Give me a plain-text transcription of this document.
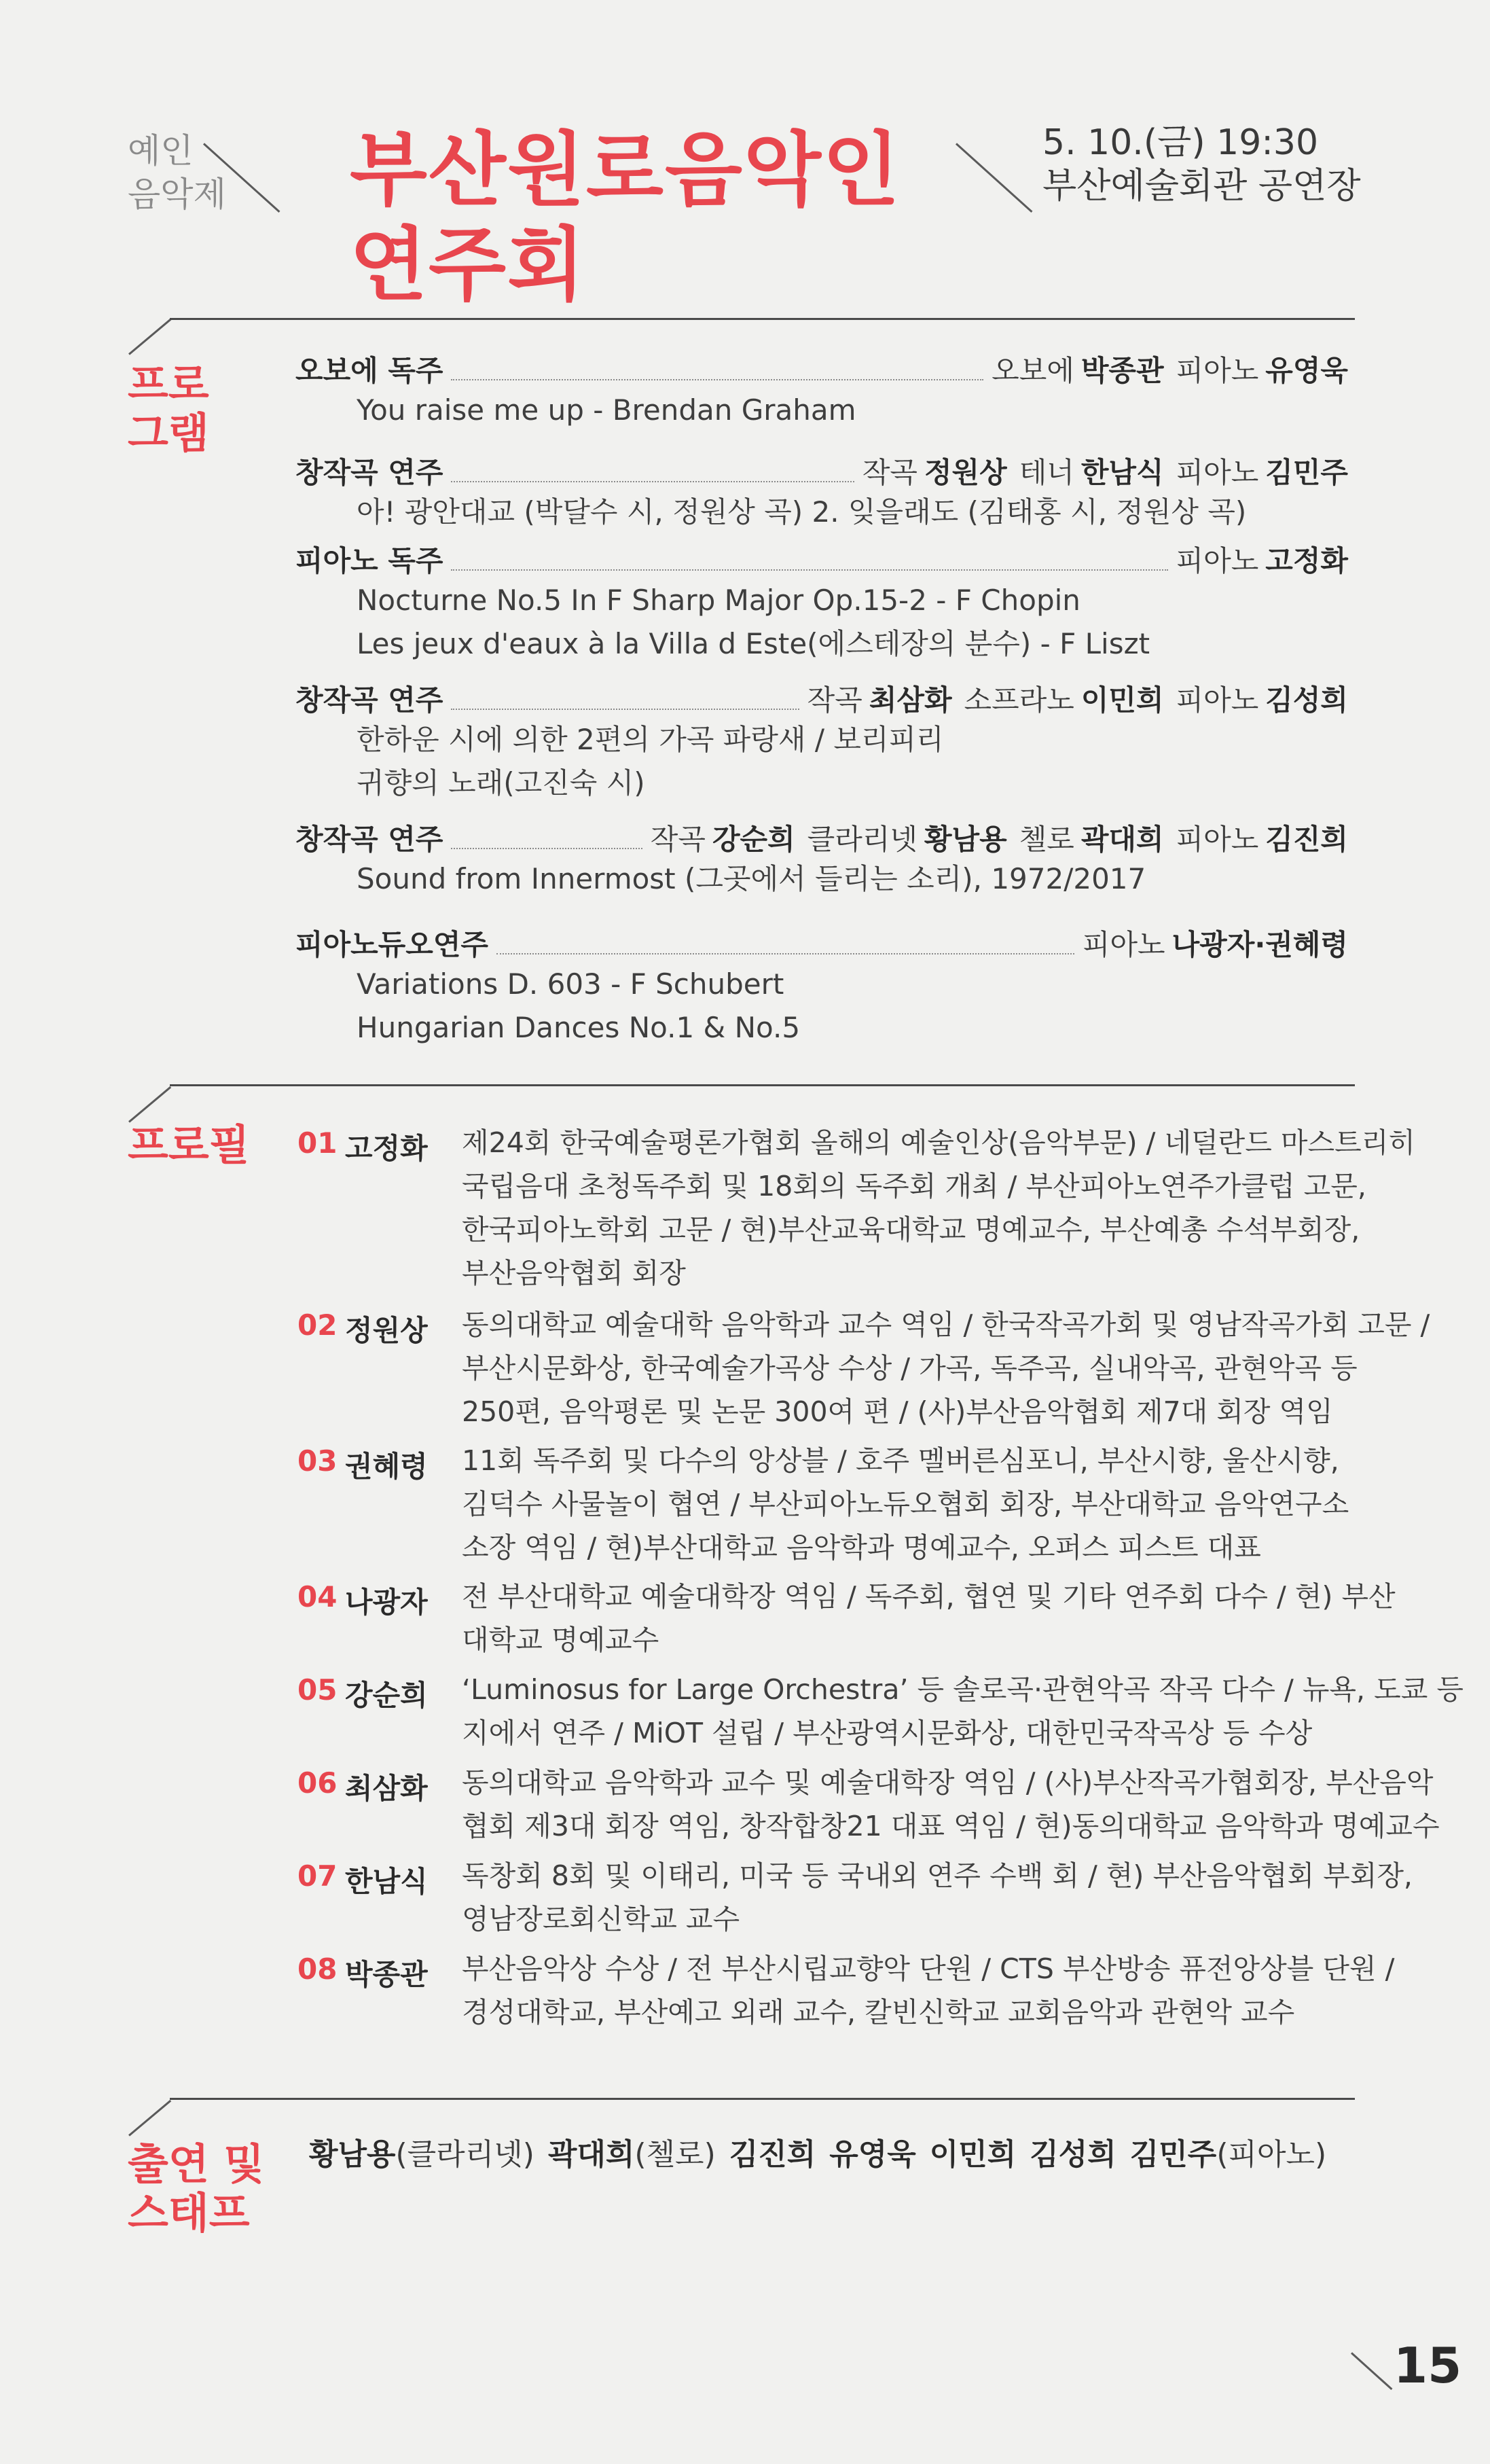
예인
음악제 부산원로음악인
연주회
5. 10.(금) 19:30
부산예술회관 공연장
프로
그램
오보에 독주	오보에 박종관 피아노 유영욱
You raise me up - Brendan Graham
창작곡 연주	작곡 정원상 테너 한남식 피아노 김민주
아! 광안대교 (박달수 시, 정원상 곡) 2. 잊을래도 (김태홍 시, 정원상 곡)
피아노 독주	피아노 고정화
Nocturne No.5 In F Sharp Major Op.15-2 - F Chopin
Les jeux d'eaux à la Villa d Este(에스테장의 분수) - F Liszt
창작곡 연주	작곡 최삼화 소프라노 이민희 피아노 김성희
한하운 시에 의한 2편의 가곡 파랑새 / 보리피리
귀향의 노래(고진숙 시)
창작곡 연주	작곡 강순희 클라리넷 황남용 첼로 곽대희 피아노 김진희
Sound from Innermost (그곳에서 들리는 소리), 1972/2017
피아노듀오연주	피아노 나광자·권혜령
Variations D. 603 - F Schubert
Hungarian Dances No.1 & No.5
프로필 01 고정화 제24회 한국예술평론가협회 올해의 예술인상(음악부문) / 네덜란드 마스트리히
국립음대 초청독주회 및 18회의 독주회 개최 / 부산피아노연주가클럽 고문,
한국피아노학회 고문 / 현)부산교육대학교 명예교수, 부산예총 수석부회장,
부산음악협회 회장
02 정원상 동의대학교 예술대학 음악학과 교수 역임 / 한국작곡가회 및 영남작곡가회 고문 /
부산시문화상, 한국예술가곡상 수상 / 가곡, 독주곡, 실내악곡, 관현악곡 등
250편, 음악평론 및 논문 300여 편 / (사)부산음악협회 제7대 회장 역임
03 권혜령 11회 독주회 및 다수의 앙상블 / 호주 멜버른심포니, 부산시향, 울산시향,
김덕수 사물놀이 협연 / 부산피아노듀오협회 회장, 부산대학교 음악연구소
소장 역임 / 현)부산대학교 음악학과 명예교수, 오퍼스 피스트 대표
04 나광자 전 부산대학교 예술대학장 역임 / 독주회, 협연 및 기타 연주회 다수 / 현) 부산
대학교 명예교수
05 강순희 ‘Luminosus for Large Orchestra’ 등 솔로곡·관현악곡 작곡 다수 / 뉴욕, 도쿄 등
지에서 연주 / MiOT 설립 / 부산광역시문화상, 대한민국작곡상 등 수상
06 최삼화 동의대학교 음악학과 교수 및 예술대학장 역임 / (사)부산작곡가협회장, 부산음악
협회 제3대 회장 역임, 창작합창21 대표 역임 / 현)동의대학교 음악학과 명예교수
07 한남식 독창회 8회 및 이태리, 미국 등 국내외 연주 수백 회 / 현) 부산음악협회 부회장,
영남장로회신학교 교수
08 박종관 부산음악상 수상 / 전 부산시립교향악 단원 / CTS 부산방송 퓨전앙상블 단원 /
경성대학교, 부산예고 외래 교수, 칼빈신학교 교회음악과 관현악 교수
출연 및
스태프
황남용(클라리넷) 곽대희(첼로) 김진희 유영욱 이민희 김성희 김민주(피아노)
15
